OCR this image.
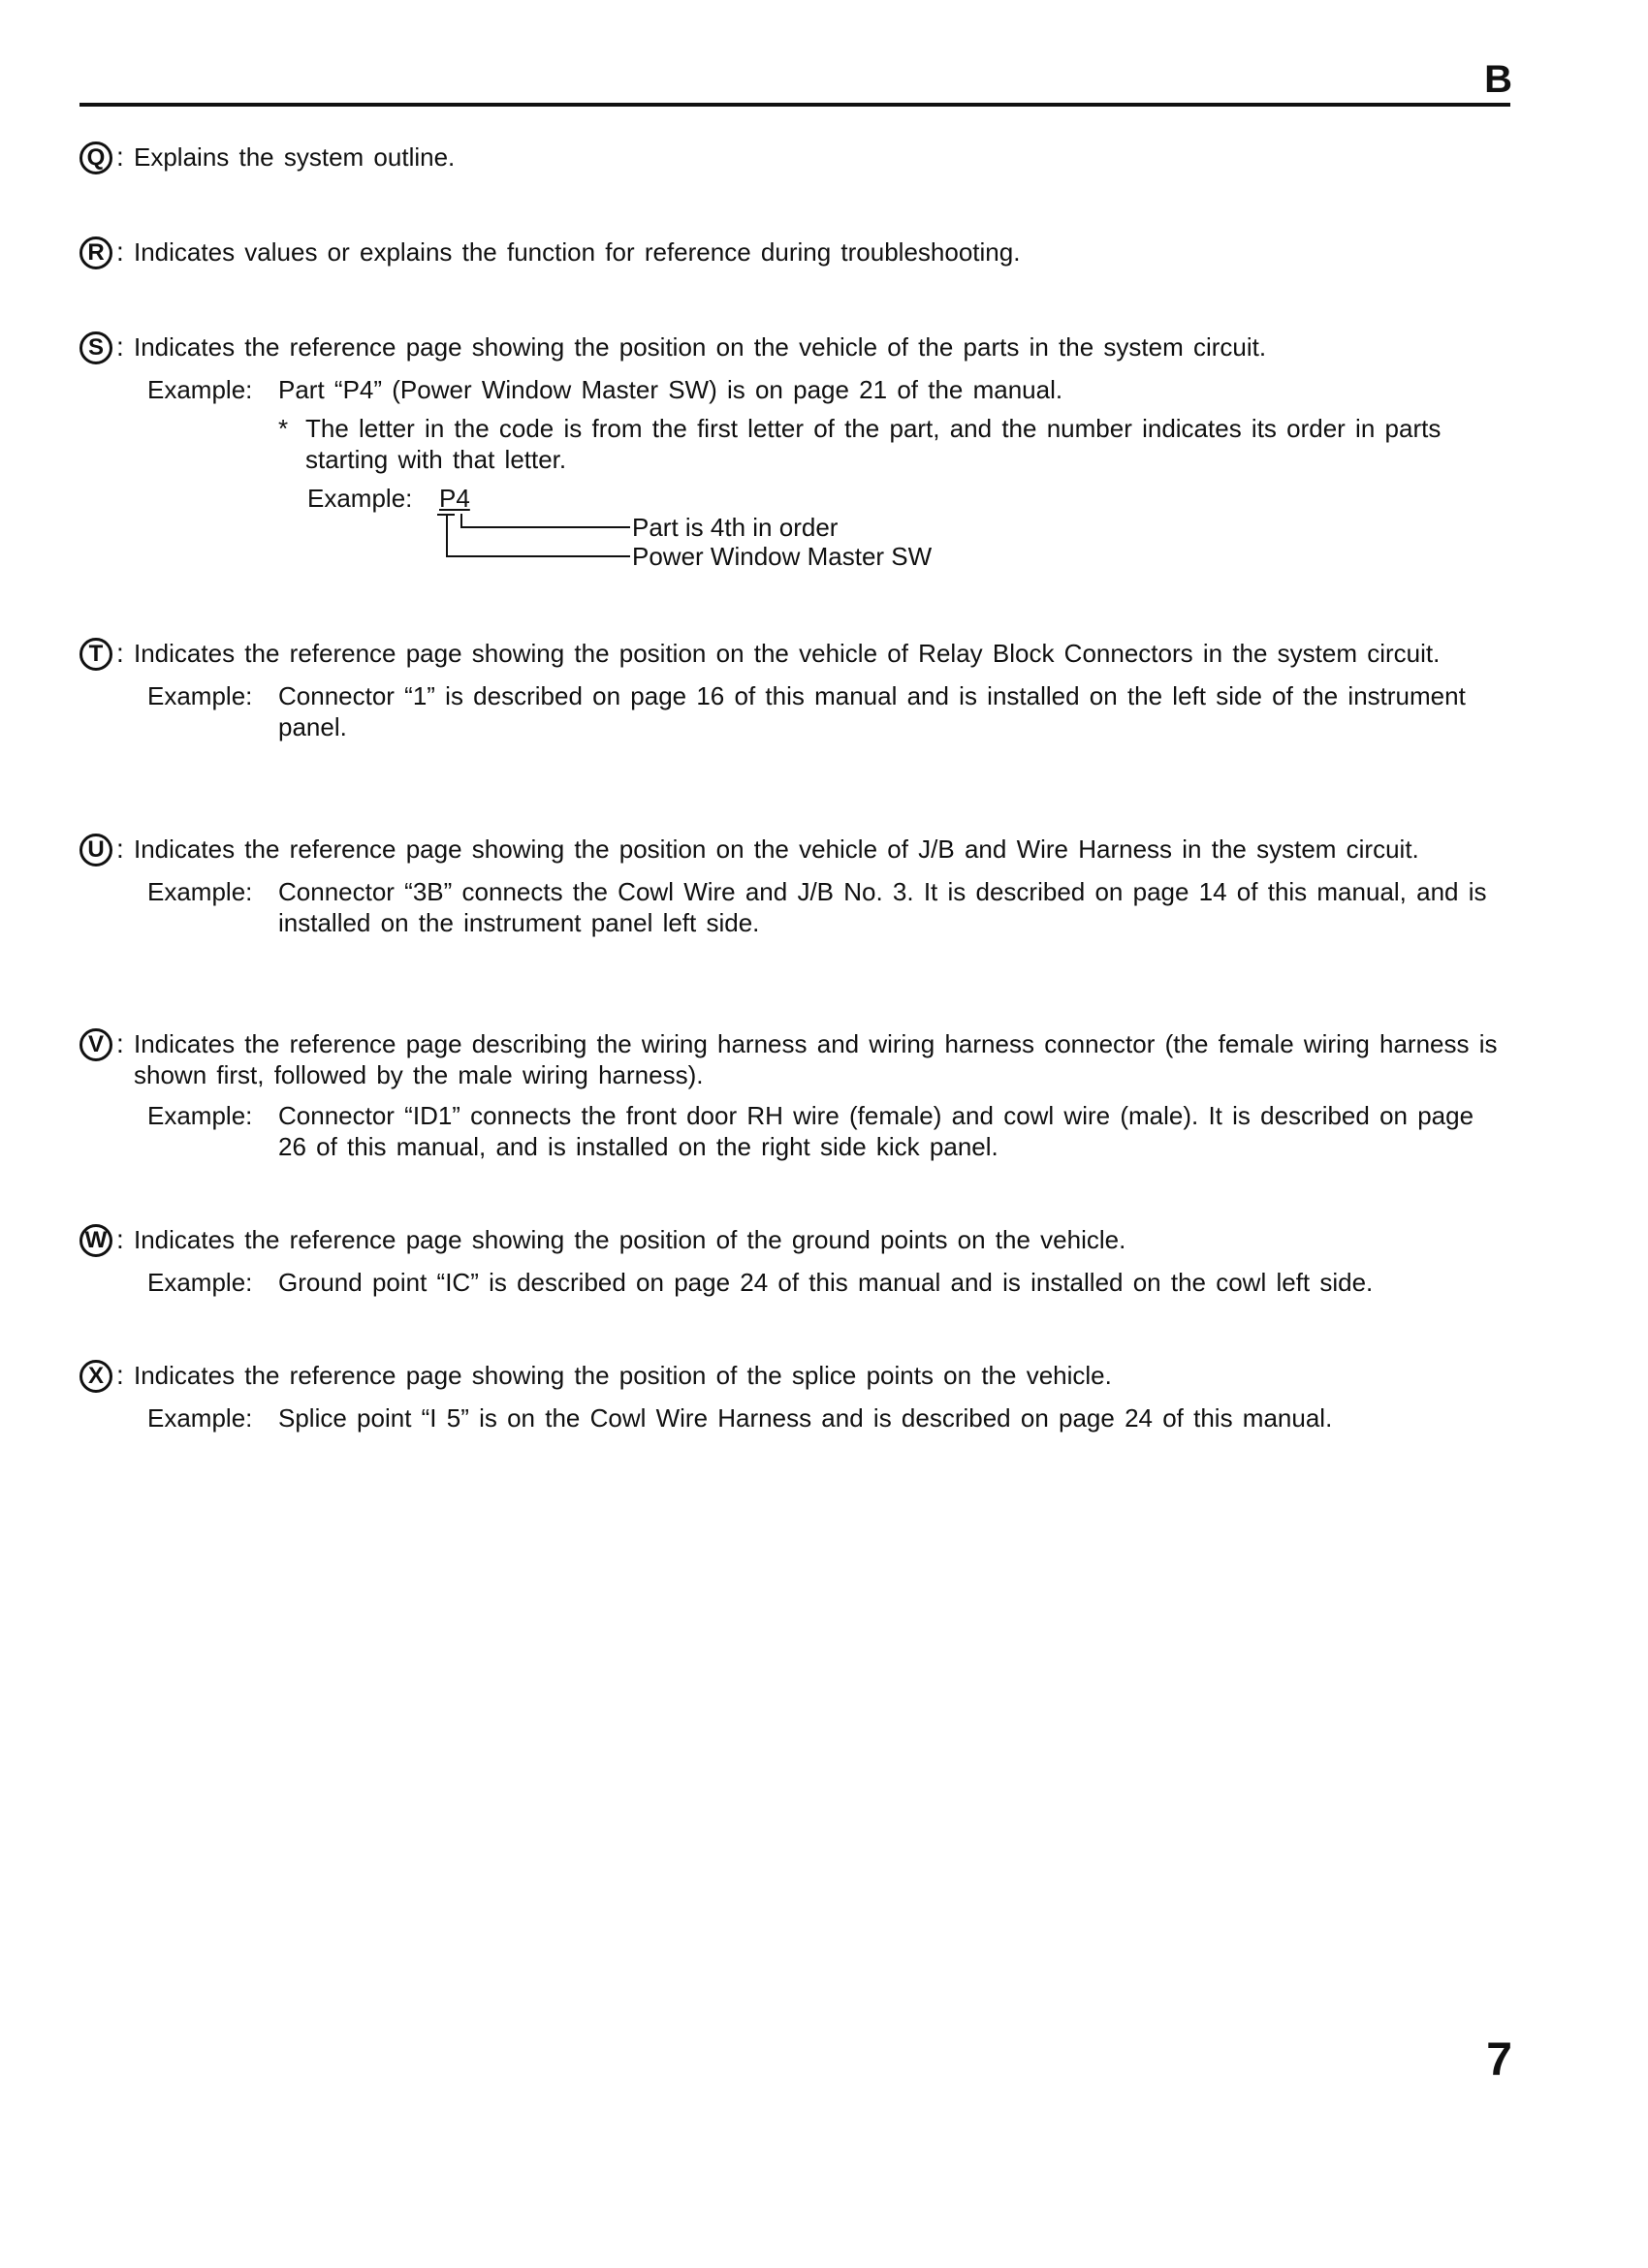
B
Q : Explains the system outline.
R : Indicates values or explains the function for reference during troubleshooting.
S : Indicates the reference page showing the position on the vehicle of the parts in the system circuit.
Example:	Part “P4” (Power Window Master SW) is on page 21 of the manual.
* The letter in the code is from the first letter of the part, and the number indicates its order in parts starting with that letter.
Example: P4
Part is 4th in order
Power Window Master SW
T : Indicates the reference page showing the position on the vehicle of Relay Block Connectors in the system circuit.
Example:	Connector “1” is described on page 16 of this manual and is installed on the left side of the instrument panel.
U : Indicates the reference page showing the position on the vehicle of J/B and Wire Harness in the system circuit.
Example:	Connector “3B” connects the Cowl Wire and J/B No. 3. It is described on page 14 of this manual, and is installed on the instrument panel left side.
V : Indicates the reference page describing the wiring harness and wiring harness connector (the female wiring harness is shown first, followed by the male wiring harness).
Example:	Connector “ID1” connects the front door RH wire (female) and cowl wire (male). It is described on page 26 of this manual, and is installed on the right side kick panel.
W : Indicates the reference page showing the position of the ground points on the vehicle.
Example:	Ground point “IC” is described on page 24 of this manual and is installed on the cowl left side.
X : Indicates the reference page showing the position of the splice points on the vehicle.
Example:	Splice point “I 5” is on the Cowl Wire Harness and is described on page 24 of this manual.
7
